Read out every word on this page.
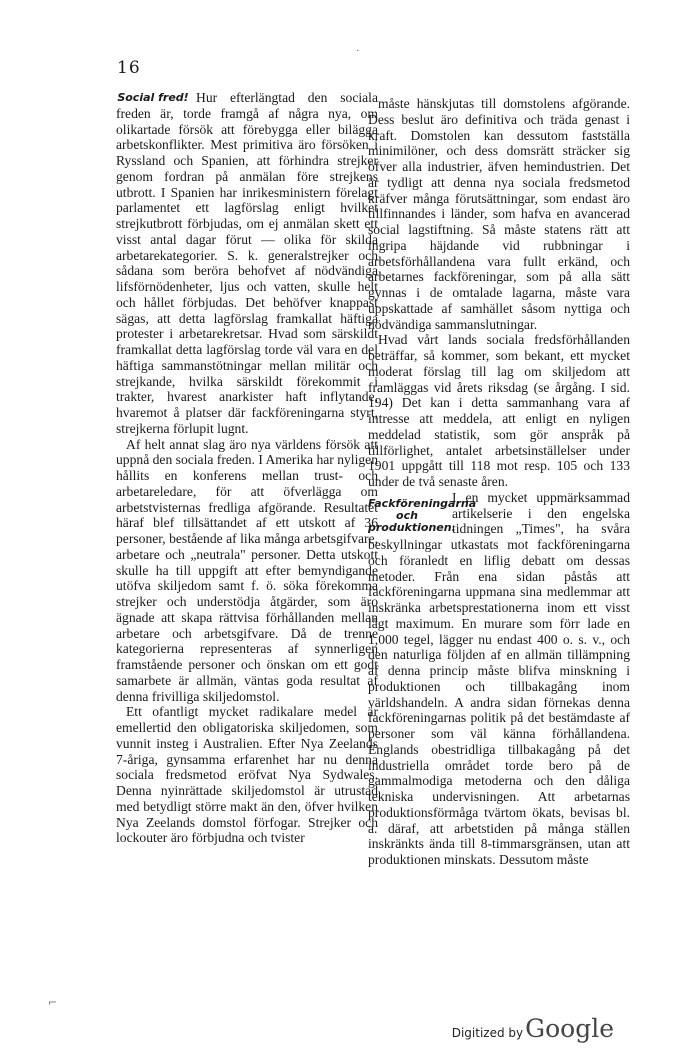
16
·

Social fred! Hur efterlängtad den sociala freden är, torde framgå af några nya, om olikartade försök att förebygga eller bilägga arbetskonflikter. Mest primitiva äro försöken i Ryssland och Spanien, att förhindra strejker genom fordran på anmälan före strejkens utbrott. I Spanien har inrikesministern förelagt parlamentet ett lagförslag enligt hvilket strejkutbrott förbjudas, om ej anmälan skett ett visst antal dagar förut — olika för skilda arbetarekategorier. S. k. generalstrejker och sådana som beröra behofvet af nödvändiga lifsförnödenheter, ljus och vatten, skulle helt och hållet förbjudas. Det behöfver knappast sägas, att detta lagförslag framkallat häftiga protester i arbetarekretsar. Hvad som särskildt framkallat detta lagförslag torde väl vara en del häftiga sammanstötningar mellan militär och strejkande, hvilka särskildt förekommit i trakter, hvarest anarkister haft inflytande, hvaremot å platser där fackföreningarna styrt, strejkerna förlupit lugnt.

Af helt annat slag äro nya världens försök att uppnå den sociala freden. I Amerika har nyligen hållits en konferens mellan trust- och arbetareledare, för att öfverlägga om arbetstvisternas fredliga afgörande. Resultatet häraf blef tillsättandet af ett utskott af 36 personer, bestående af lika många arbetsgifvare, arbetare och „neutrala" personer. Detta utskott skulle ha till uppgift att efter bemyndigande utöfva skiljedom samt f. ö. söka förekomma strejker och understödja åtgärder, som äro ägnade att skapa rättvisa förhållanden mellan arbetare och arbetsgifvare. Då de trenne kategorierna representeras af synnerligen framstående personer och önskan om ett godt samarbete är allmän, väntas goda resultat af denna frivilliga skiljedomstol.

Ett ofantligt mycket radikalare medel är emellertid den obligatoriska skiljedomen, som vunnit insteg i Australien. Efter Nya Zeelands 7-åriga, gynsamma erfarenhet har nu denna sociala fredsmetod eröfvat Nya Sydwales. Denna nyinrättade skiljedomstol är utrustad med betydligt större makt än den, öfver hvilken Nya Zeelands domstol förfogar. Strejker och lockouter äro förbjudna och tvister

måste hänskjutas till domstolens afgörande. Dess beslut äro definitiva och träda genast i kraft. Domstolen kan dessutom fastställa minimilöner, och dess domsrätt sträcker sig öfver alla industrier, äfven hemindustrien. Det är tydligt att denna nya sociala fredsmetod kräfver många förutsättningar, som endast äro tillfinnandes i länder, som hafva en avancerad social lagstiftning. Så måste statens rätt att ingripa häjdande vid rubbningar i arbetsförhållandena vara fullt erkänd, och arbetarnes fackföreningar, som på alla sätt gynnas i de omtalade lagarna, måste vara uppskattade af samhället såsom nyttiga och nödvändiga sammanslutningar.

Hvad vårt lands sociala fredsförhållanden beträffar, så kommer, som bekant, ett mycket moderat förslag till lag om skiljedom att framläggas vid årets riksdag (se årgång. I sid. 194) Det kan i detta sammanhang vara af intresse att meddela, att enligt en nyligen meddelad statistik, som gör anspråk på tillförlighet, antalet arbetsinställelser under 1901 uppgått till 118 mot resp. 105 och 133 under de två senaste åren.

Fackföreningarna och produktionen.
I en mycket uppmärksammad artikelserie i den engelska tidningen „Times", ha svåra beskyllningar utkastats mot fackföreningarna och föranledt en liflig debatt om dessas metoder. Från ena sidan påstås att fackföreningarna uppmana sina medlemmar att inskränka arbetsprestationerna inom ett visst lågt maximum. En murare som förr lade en 1,000 tegel, lägger nu endast 400 o. s. v., och den naturliga följden af en allmän tillämpning af denna princip måste blifva minskning i produktionen och tillbakagång inom världshandeln. A andra sidan förnekas denna fackföreningarnas politik på det bestämdaste af personer som väl känna förhållandena. Englands obestridliga tillbakagång på det industriella området torde bero på de gammalmodiga metoderna och den dåliga tekniska undervisningen. Att arbetarnas produktionsförmåga tvärtom ökats, bevisas bl. a. däraf, att arbetstiden på många ställen inskränkts ända till 8-timmarsgränsen, utan att produktionen minskats. Dessutom måste

⌐
Digitized by Google
